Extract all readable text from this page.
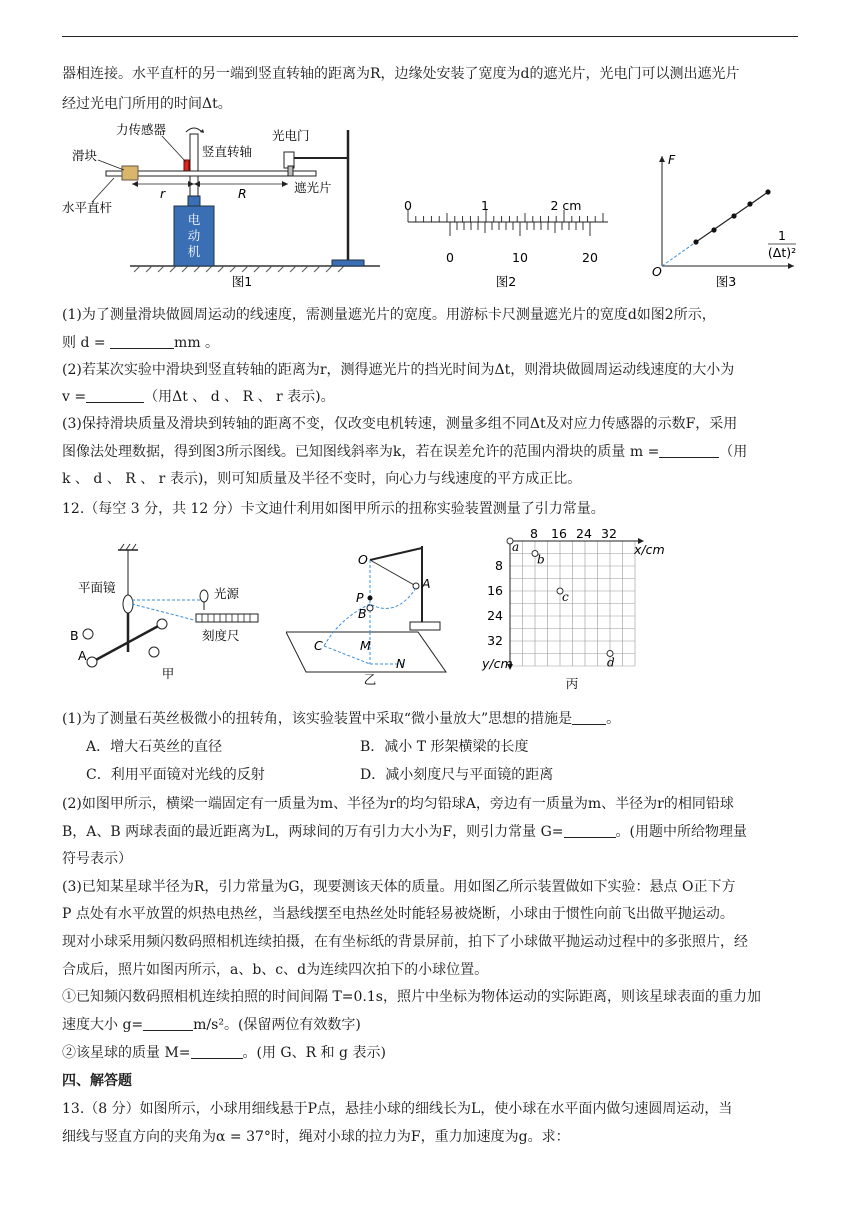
器相连接。水平直杆的另一端到竖直转轴的距离为R，边缘处安装了宽度为d的遮光片，光电门可以测出遮光片
经过光电门所用的时间Δt。
电
动
机
r	R
力传感器
滑块	竖直转轴
光电门
水平直杆
遮光片
图1
0	1	2 cm
0	10	20
图2
F
O
1
(Δt)²
图3
(1)为了测量滑块做圆周运动的线速度，需测量遮光片的宽度。用游标卡尺测量遮光片的宽度d如图2所示，
则 d =	mm 。
(2)若某次实验中滑块到竖直转轴的距离为r，测得遮光片的挡光时间为Δt，则滑块做圆周运动线速度的大小为
v =	（用Δt 、 d 、 R 、 r 表示)。
(3)保持滑块质量及滑块到转轴的距离不变，仅改变电机转速，测量多组不同Δt及对应力传感器的示数F，采用
图像法处理数据，得到图3所示图线。已知图线斜率为k，若在误差允许的范围内滑块的质量 m =	（用
k 、 d 、 R 、 r 表示)，则可知质量及半径不变时，向心力与线速度的平方成正比。
12.（每空 3 分，共 12 分）卡文迪什利用如图甲所示的扭称实验装置测量了引力常量。
平面镜	光源
刻度尺
B
A
甲
O
A
P
B
C	M
N
乙
8 16 24 32
x/cm
8
16
24
32
y/cm
a
b
c
d
丙
(1)为了测量石英丝极微小的扭转角，该实验装置中采取“微小量放大”思想的措施是 。
A．增大石英丝的直径	B．减小 T 形架横梁的长度
C．利用平面镜对光线的反射	D．减小刻度尺与平面镜的距离
(2)如图甲所示，横梁一端固定有一质量为m、半径为r的均匀铅球A，旁边有一质量为m、半径为r的相同铅球
B，A、B 两球表面的最近距离为L，两球间的万有引力大小为F，则引力常量 G=	。(用题中所给物理量
符号表示）
(3)已知某星球半径为R，引力常量为G，现要测该天体的质量。用如图乙所示装置做如下实验：悬点 O正下方
P 点处有水平放置的炽热电热丝，当悬线摆至电热丝处时能轻易被烧断，小球由于惯性向前飞出做平抛运动。
现对小球采用频闪数码照相机连续拍摄，在有坐标纸的背景屏前，拍下了小球做平抛运动过程中的多张照片，经
合成后，照片如图丙所示，a、b、c、d为连续四次拍下的小球位置。
①已知频闪数码照相机连续拍照的时间间隔 T=0.1s，照片中坐标为物体运动的实际距离，则该星球表面的重力加
速度大小 g=	m/s²。(保留两位有效数字)
②该星球的质量 M=	。(用 G、R 和 g 表示)
四、解答题
13.（8 分）如图所示，小球用细线悬于P点，悬挂小球的细线长为L，使小球在水平面内做匀速圆周运动，当
细线与竖直方向的夹角为α = 37°时，绳对小球的拉力为F，重力加速度为g。求：
